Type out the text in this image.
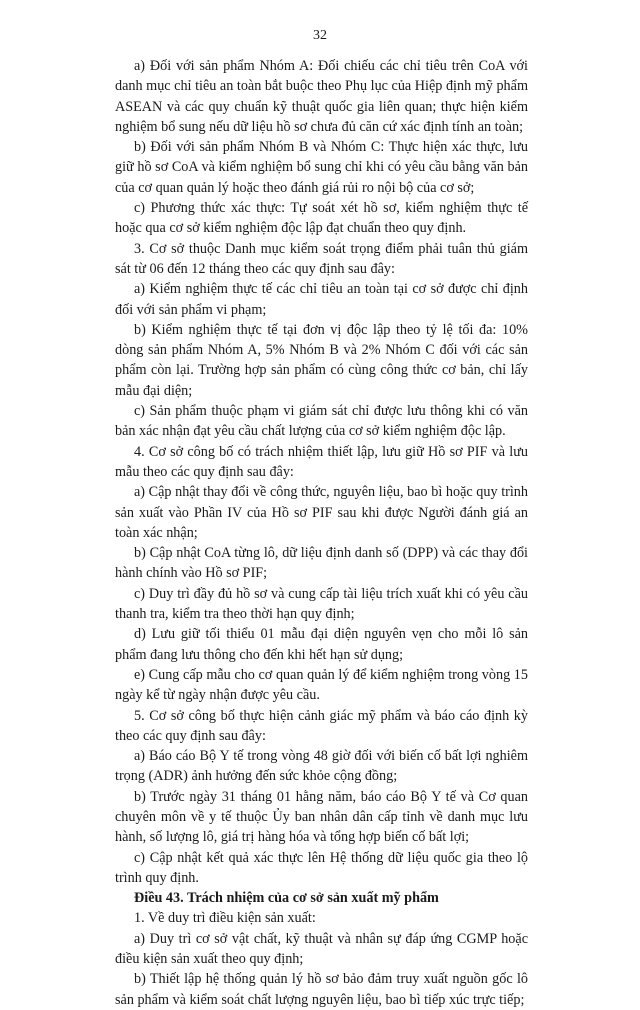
32

a) Đối với sản phẩm Nhóm A: Đối chiếu các chỉ tiêu trên CoA với danh mục chỉ tiêu an toàn bắt buộc theo Phụ lục của Hiệp định mỹ phẩm ASEAN và các quy chuẩn kỹ thuật quốc gia liên quan; thực hiện kiểm nghiệm bổ sung nếu dữ liệu hồ sơ chưa đủ căn cứ xác định tính an toàn;

b) Đối với sản phẩm Nhóm B và Nhóm C: Thực hiện xác thực, lưu giữ hồ sơ CoA và kiểm nghiệm bổ sung chỉ khi có yêu cầu bằng văn bản của cơ quan quản lý hoặc theo đánh giá rủi ro nội bộ của cơ sở;

c) Phương thức xác thực: Tự soát xét hồ sơ, kiểm nghiệm thực tế hoặc qua cơ sở kiểm nghiệm độc lập đạt chuẩn theo quy định.

3. Cơ sở thuộc Danh mục kiểm soát trọng điểm phải tuân thủ giám sát từ 06 đến 12 tháng theo các quy định sau đây:

a) Kiểm nghiệm thực tế các chỉ tiêu an toàn tại cơ sở được chỉ định đối với sản phẩm vi phạm;

b) Kiểm nghiệm thực tế tại đơn vị độc lập theo tỷ lệ tối đa: 10% dòng sản phẩm Nhóm A, 5% Nhóm B và 2% Nhóm C đối với các sản phẩm còn lại. Trường hợp sản phẩm có cùng công thức cơ bản, chỉ lấy mẫu đại diện;

c) Sản phẩm thuộc phạm vi giám sát chỉ được lưu thông khi có văn bản xác nhận đạt yêu cầu chất lượng của cơ sở kiểm nghiệm độc lập.

4. Cơ sở công bố có trách nhiệm thiết lập, lưu giữ Hồ sơ PIF và lưu mẫu theo các quy định sau đây:

a) Cập nhật thay đổi về công thức, nguyên liệu, bao bì hoặc quy trình sản xuất vào Phần IV của Hồ sơ PIF sau khi được Người đánh giá an toàn xác nhận;

b) Cập nhật CoA từng lô, dữ liệu định danh số (DPP) và các thay đổi hành chính vào Hồ sơ PIF;

c) Duy trì đầy đủ hồ sơ và cung cấp tài liệu trích xuất khi có yêu cầu thanh tra, kiểm tra theo thời hạn quy định;

d) Lưu giữ tối thiểu 01 mẫu đại diện nguyên vẹn cho mỗi lô sản phẩm đang lưu thông cho đến khi hết hạn sử dụng;

e) Cung cấp mẫu cho cơ quan quản lý để kiểm nghiệm trong vòng 15 ngày kể từ ngày nhận được yêu cầu.

5. Cơ sở công bố thực hiện cảnh giác mỹ phẩm và báo cáo định kỳ theo các quy định sau đây:

a) Báo cáo Bộ Y tế trong vòng 48 giờ đối với biến cố bất lợi nghiêm trọng (ADR) ảnh hưởng đến sức khỏe cộng đồng;

b) Trước ngày 31 tháng 01 hằng năm, báo cáo Bộ Y tế và Cơ quan chuyên môn về y tế thuộc Ủy ban nhân dân cấp tỉnh về danh mục lưu hành, số lượng lô, giá trị hàng hóa và tổng hợp biến cố bất lợi;

c) Cập nhật kết quả xác thực lên Hệ thống dữ liệu quốc gia theo lộ trình quy định.

Điều 43. Trách nhiệm của cơ sở sản xuất mỹ phẩm

1. Về duy trì điều kiện sản xuất:

a) Duy trì cơ sở vật chất, kỹ thuật và nhân sự đáp ứng CGMP hoặc điều kiện sản xuất theo quy định;

b) Thiết lập hệ thống quản lý hồ sơ bảo đảm truy xuất nguồn gốc lô sản phẩm và kiểm soát chất lượng nguyên liệu, bao bì tiếp xúc trực tiếp;
